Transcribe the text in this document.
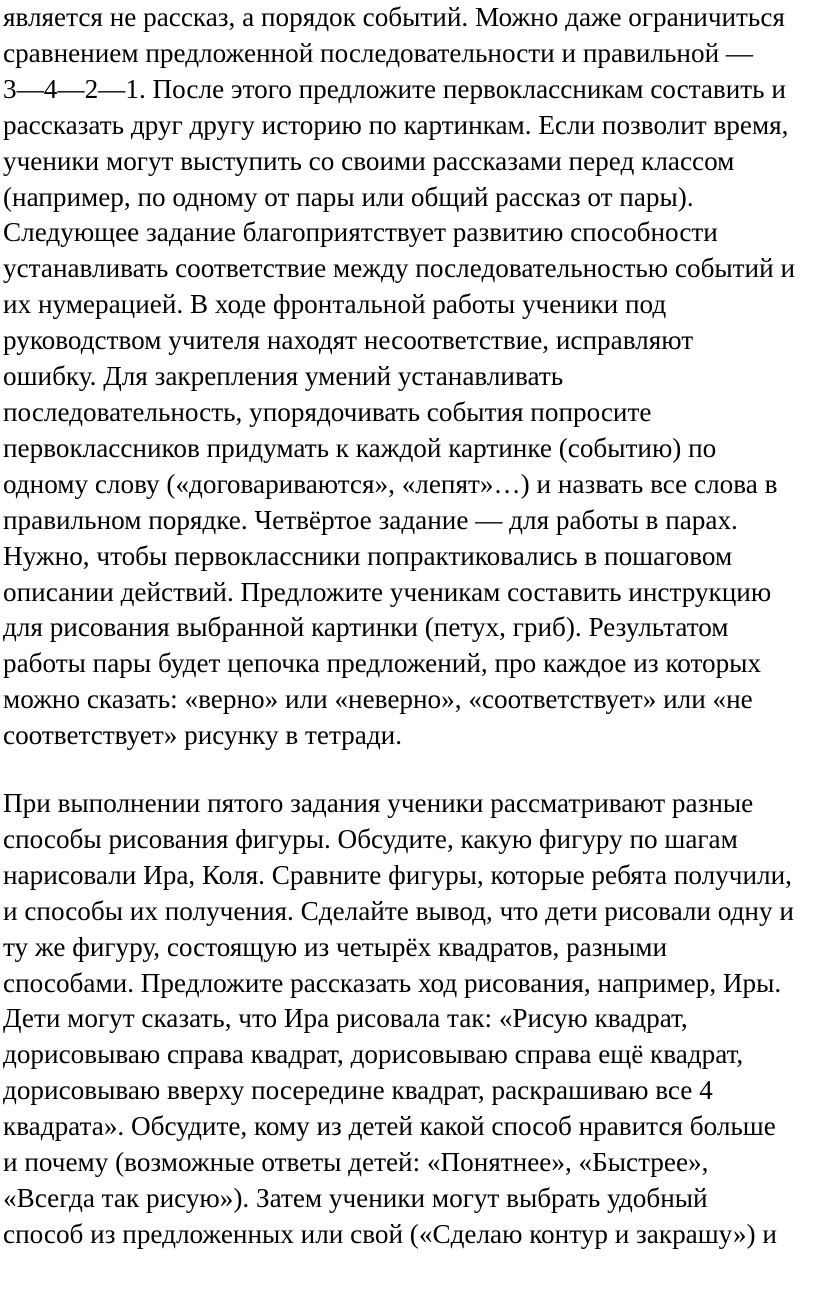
является не рассказ, а порядок событий. Можно даже ограничиться
сравнением предложенной последовательности и правильной —
3—4—2—1. После этого предложите первоклассникам составить и
рассказать друг другу историю по картинкам. Если позволит время,
ученики могут выступить со своими рассказами перед классом
(например, по одному от пары или общий рассказ от пары).
Следующее задание благоприятствует развитию способности
устанавливать соответствие между последовательностью событий и
их нумерацией. В ходе фронтальной работы ученики под
руководством учителя находят несоответствие, исправляют
ошибку. Для закрепления умений устанавливать
последовательность, упорядочивать события попросите
первоклассников придумать к каждой картинке (событию) по
одному слову («договариваются», «лепят»…) и назвать все слова в
правильном порядке. Четвёртое задание — для работы в парах.
Нужно, чтобы первоклассники попрактиковались в пошаговом
описании действий. Предложите ученикам составить инструкцию
для рисования выбранной картинки (петух, гриб). Результатом
работы пары будет цепочка предложений, про каждое из которых
можно сказать: «верно» или «неверно», «соответствует» или «не
соответствует» рисунку в тетради.

При выполнении пятого задания ученики рассматривают разные
способы рисования фигуры. Обсудите, какую фигуру по шагам
нарисовали Ира, Коля. Сравните фигуры, которые ребята получили,
и способы их получения. Сделайте вывод, что дети рисовали одну и
ту же фигуру, состоящую из четырёх квадратов, разными
способами. Предложите рассказать ход рисования, например, Иры.
Дети могут сказать, что Ира рисовала так: «Рисую квадрат,
дорисовываю справа квадрат, дорисовываю справа ещё квадрат,
дорисовываю вверху посередине квадрат, раскрашиваю все 4
квадрата». Обсудите, кому из детей какой способ нравится больше
и почему (возможные ответы детей: «Понятнее», «Быстрее»,
«Всегда так рисую»). Затем ученики могут выбрать удобный
способ из предложенных или свой («Сделаю контур и закрашу») и
